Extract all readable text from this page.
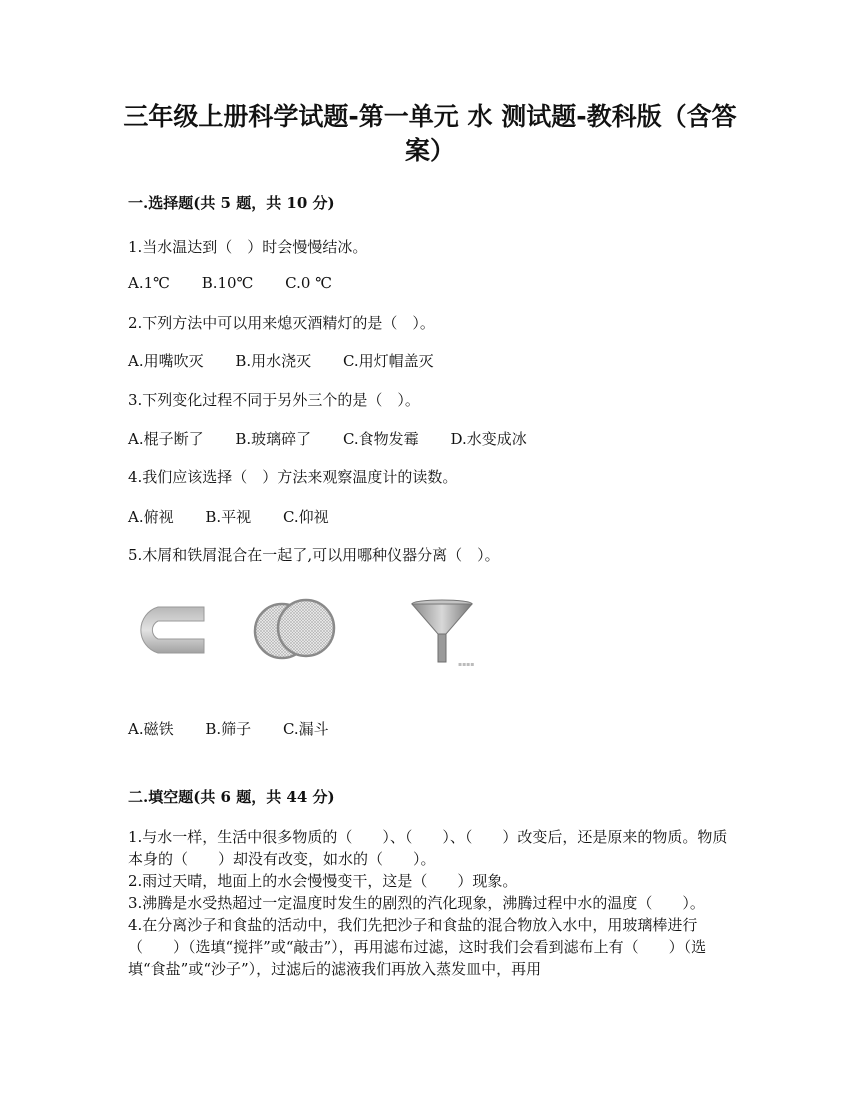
三年级上册科学试题-第一单元 水 测试题-教科版（含答案）
一.选择题(共 5 题，共 10 分)
1.当水温达到（　）时会慢慢结冰。
A.1℃ B.10℃ C.0 ℃
2.下列方法中可以用来熄灭酒精灯的是（　）。
A.用嘴吹灭 B.用水浇灭 C.用灯帽盖灭
3.下列变化过程不同于另外三个的是（　）。
A.棍子断了 B.玻璃碎了 C.食物发霉 D.水变成冰
4.我们应该选择（　）方法来观察温度计的读数。
A.俯视 B.平视 C.仰视
5.木屑和铁屑混合在一起了,可以用哪种仪器分离（　）。
▪▪▪▪
A.磁铁 B.筛子 C.漏斗
二.填空题(共 6 题，共 44 分)

1.与水一样，生活中很多物质的（　　）、（　　）、（　　）改变后，还是原来的物质。物质本身的（　　）却没有改变，如水的（　　）。

2.雨过天晴，地面上的水会慢慢变干，这是（　　）现象。

3.沸腾是水受热超过一定温度时发生的剧烈的汽化现象，沸腾过程中水的温度（　　）。

4.在分离沙子和食盐的活动中，我们先把沙子和食盐的混合物放入水中，用玻璃棒进行（　　）（选填“搅拌”或“敲击”），再用滤布过滤，这时我们会看到滤布上有（　　）（选填“食盐”或“沙子”），过滤后的滤液我们再放入蒸发皿中，再用
